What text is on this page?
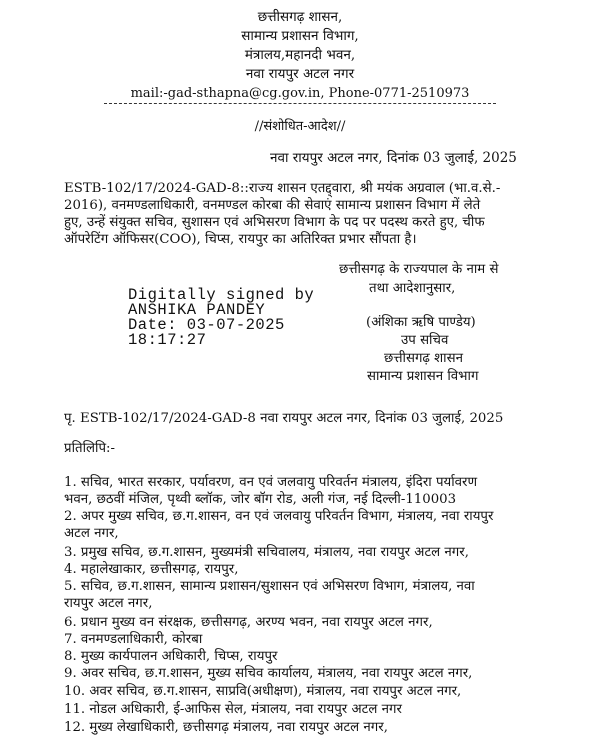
छत्तीसगढ़ शासन,
सामान्य प्रशासन विभाग,
मंत्रालय,महानदी भवन,
नवा रायपुर अटल नगर
mail:-gad-sthapna@cg.gov.in, Phone-0771-2510973
//संशोधित-आदेश//
नवा रायपुर अटल नगर, दिनांक 03 जुलाई, 2025
ESTB-102/17/2024-GAD-8::राज्य शासन एतद्द्वारा, श्री मयंक अग्रवाल (भा.व.से.-
2016), वनमण्डलाधिकारी, वनमण्डल कोरबा की सेवाएं सामान्य प्रशासन विभाग में लेते
हुए, उन्हें संयुक्त सचिव, सुशासन एवं अभिसरण विभाग के पद पर पदस्थ करते हुए, चीफ
ऑपरेटिंग ऑफिसर(COO), चिप्स, रायपुर का अतिरिक्त प्रभार सौंपता है।
छत्तीसगढ़ के राज्यपाल के नाम से
तथा आदेशानुसार,
Digitally signed by
ANSHIKA PANDEY
Date: 03-07-2025
18:17:27
(अंशिका ऋषि पाण्डेय)
उप सचिव
छत्तीसगढ़ शासन
सामान्य प्रशासन विभाग
पृ. ESTB-102/17/2024-GAD-8 नवा रायपुर अटल नगर, दिनांक 03 जुलाई, 2025
प्रतिलिपि:-
1. सचिव, भारत सरकार, पर्यावरण, वन एवं जलवायु परिवर्तन मंत्रालय, इंदिरा पर्यावरण
भवन, छठवीं मंजिल, पृथ्वी ब्लॉक, जोर बॉग रोड, अली गंज, नई दिल्ली-110003
2. अपर मुख्य सचिव, छ.ग.शासन, वन एवं जलवायु परिवर्तन विभाग, मंत्रालय, नवा रायपुर
अटल नगर,
3. प्रमुख सचिव, छ.ग.शासन, मुख्यमंत्री सचिवालय, मंत्रालय, नवा रायपुर अटल नगर,
4. महालेखाकार, छत्तीसगढ़, रायपुर,
5. सचिव, छ.ग.शासन, सामान्य प्रशासन/सुशासन एवं अभिसरण विभाग, मंत्रालय, नवा
रायपुर अटल नगर,
6. प्रधान मुख्य वन संरक्षक, छत्तीसगढ़, अरण्य भवन, नवा रायपुर अटल नगर,
7. वनमण्डलाधिकारी, कोरबा
8. मुख्य कार्यपालन अधिकारी, चिप्स, रायपुर
9. अवर सचिव, छ.ग.शासन, मुख्य सचिव कार्यालय, मंत्रालय, नवा रायपुर अटल नगर,
10. अवर सचिव, छ.ग.शासन, साप्रवि(अधीक्षण), मंत्रालय, नवा रायपुर अटल नगर,
11. नोडल अधिकारी, ई-आफिस सेल, मंत्रालय, नवा रायपुर अटल नगर
12. मुख्य लेखाधिकारी, छत्तीसगढ़ मंत्रालय, नवा रायपुर अटल नगर,
